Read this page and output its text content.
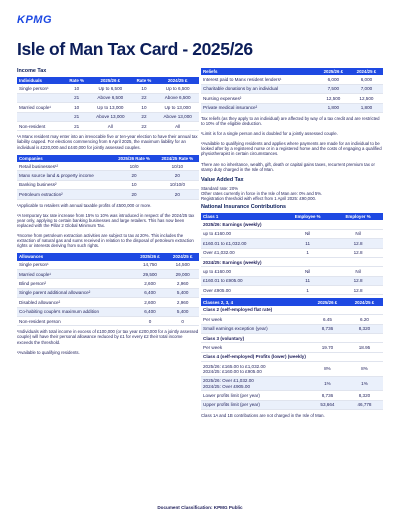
KPMG
Isle of Man Tax Card - 2025/26
Income Tax
Individuals	Rate %	2025/26 £	Rate %	2024/25 £
Single person¹	10	Up to 6,500	10	Up to 6,500
	21	Above 6,500	22	Above 6,500
Married couple¹	10	Up to 13,000	10	Up to 13,000
	21	Above 13,000	22	Above 13,000
Non-resident	21	All	22	All
¹A Manx resident may enter into an irrevocable five or ten-year election to have their annual tax liability capped. For elections commencing from 6 April 2025, the maximum liability for an individual is £220,000 and £440,000 for jointly assessed couples.
Companies	2025/26 Rate %	2024/25 Rate %
Retail businesses¹²	10/0	10/10
Manx source land & property income	20	20
Banking business²	10	10/10/0
Petroleum extraction²	20	20
¹Applicable to retailers with annual taxable profits of £500,000 or more.
²A temporary tax rate increase from 15% to 10% was introduced in respect of the 2024/25 tax year only, applying to certain banking businesses and large retailers. This has now been replaced with the Pillar 2 Global Minimum Tax.
³Income from petroleum extraction activities are subject to tax at 20%. This includes the extraction of natural gas and sums received in relation to the disposal of petroleum extraction rights or interests deriving from such rights.
Allowances	2025/26 £	2024/25 £
Single person¹	14,750	14,500
Married couple¹	29,500	29,000
Blind person²	2,600	2,960
Single parent additional allowance²	6,400	5,400
Disabled allowance²	2,600	2,960
Co-habiting couple's maximum addition	6,400	5,400
Non-resident person	0	0
¹Individuals with total income in excess of £100,000 (or tax year £200,000 for a jointly assessed couple) will have their personal allowance reduced by £1 for every £2 their total income exceeds the threshold.
²Available to qualifying residents.
Reliefs	2025/26 £	2024/25 £
Interest paid to Manx resident lenders¹	6,000	6,000
Charitable donations by an individual	7,500	7,000
Nursing expenses²	12,500	12,500
Private medical insurance²	1,800	1,800
Tax reliefs (as they apply to an individual) are affected by way of a tax credit and are restricted to 10% of the eligible deduction.
¹Limit is for a single person and is doubled for a jointly assessed couple.
²Available to qualifying residents and applies where payments are made for an individual to be looked after by a registered nurse or in a registered home and the costs of engaging a qualified physiotherapist in certain circumstances.
There are no inheritance, wealth, gift, death or capital gains taxes, recurrent premium tax or stamp duty charged in the Isle of Man.
Value Added Tax
Standard rate: 20%
Other rates currently in force in the Isle of Man are: 0% and 5%.
Registration threshold with effect from 1 April 2025: £90,000.
National Insurance Contributions
Class 1	Employee %	Employer %
2025/26: Earnings (weekly)		
up to £160.00	Nil	Nil
£160.01 to £1,032.00	11	12.8
Over £1,032.00	1	12.8
2024/25: Earnings (weekly)		
up to £160.00	Nil	Nil
£160.01 to £905.00	11	12.8
Over £905.00	1	12.8
Classes 2, 3, 4	2025/26 £	2024/25 £
Class 2 (self-employed flat rate)		
Per week	6.45	6.20
Small earnings exception (year)	8,736	8,320
Class 3 (voluntary)		
Per week	19.70	18.95
Class 4 (self-employed) Profits (lower) (weekly)		
2025/26: £165.00 to £1,032.00
2024/25: £160.00 to £905.00	8%	8%
2025/26: Over £1,032.00
2024/25: Over £905.00	1%	1%
Lower profits limit (per year)	8,736	8,320
Upper profits limit (per year)	53,664	46,778
Class 1A and 1B contributions are not charged in the Isle of Man.
Document Classification: KPMG Public
